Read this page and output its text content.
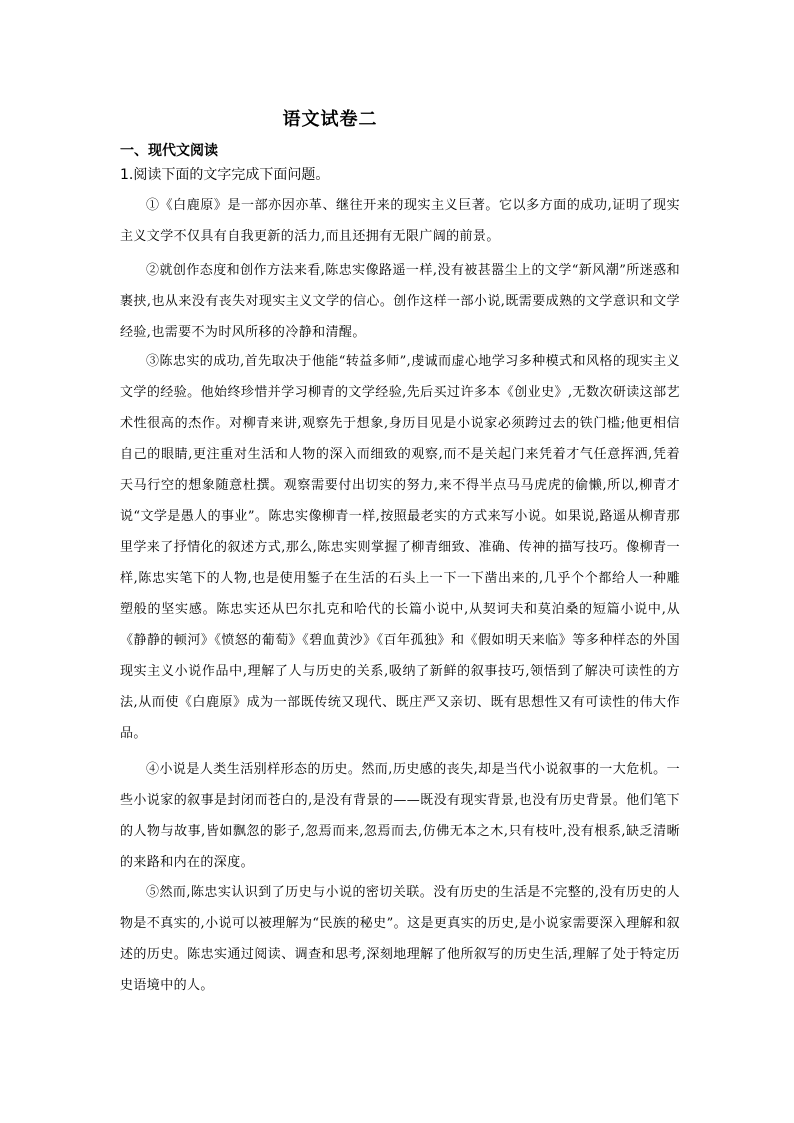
语文试卷二
一、现代文阅读
1.阅读下面的文字完成下面问题。

①《白鹿原》是一部亦因亦革、继往开来的现实主义巨著。它以多方面的成功,证明了现实主义文学不仅具有自我更新的活力,而且还拥有无限广阔的前景。

②就创作态度和创作方法来看,陈忠实像路遥一样,没有被甚嚣尘上的文学“新风潮”所迷惑和裹挟,也从来没有丧失对现实主义文学的信心。创作这样一部小说,既需要成熟的文学意识和文学经验,也需要不为时风所移的冷静和清醒。

③陈忠实的成功,首先取决于他能“转益多师”,虔诚而虚心地学习多种模式和风格的现实主义文学的经验。他始终珍惜并学习柳青的文学经验,先后买过许多本《创业史》,无数次研读这部艺术性很高的杰作。对柳青来讲,观察先于想象,身历目见是小说家必须跨过去的铁门槛;他更相信自己的眼睛,更注重对生活和人物的深入而细致的观察,而不是关起门来凭着才气任意挥洒,凭着天马行空的想象随意杜撰。观察需要付出切实的努力,来不得半点马马虎虎的偷懒,所以,柳青才说“文学是愚人的事业”。陈忠实像柳青一样,按照最老实的方式来写小说。如果说,路遥从柳青那里学来了抒情化的叙述方式,那么,陈忠实则掌握了柳青细致、准确、传神的描写技巧。像柳青一样,陈忠实笔下的人物,也是使用錾子在生活的石头上一下一下凿出来的,几乎个个都给人一种雕塑般的坚实感。陈忠实还从巴尔扎克和哈代的长篇小说中,从契诃夫和莫泊桑的短篇小说中,从《静静的顿河》《愤怒的葡萄》《碧血黄沙》《百年孤独》和《假如明天来临》等多种样态的外国现实主义小说作品中,理解了人与历史的关系,吸纳了新鲜的叙事技巧,领悟到了解决可读性的方法,从而使《白鹿原》成为一部既传统又现代、既庄严又亲切、既有思想性又有可读性的伟大作品。

④小说是人类生活别样形态的历史。然而,历史感的丧失,却是当代小说叙事的一大危机。一些小说家的叙事是封闭而苍白的,是没有背景的——既没有现实背景,也没有历史背景。他们笔下的人物与故事,皆如飘忽的影子,忽焉而来,忽焉而去,仿佛无本之木,只有枝叶,没有根系,缺乏清晰的来路和内在的深度。

⑤然而,陈忠实认识到了历史与小说的密切关联。没有历史的生活是不完整的,没有历史的人物是不真实的,小说可以被理解为“民族的秘史”。这是更真实的历史,是小说家需要深入理解和叙述的历史。陈忠实通过阅读、调查和思考,深刻地理解了他所叙写的历史生活,理解了处于特定历史语境中的人。
